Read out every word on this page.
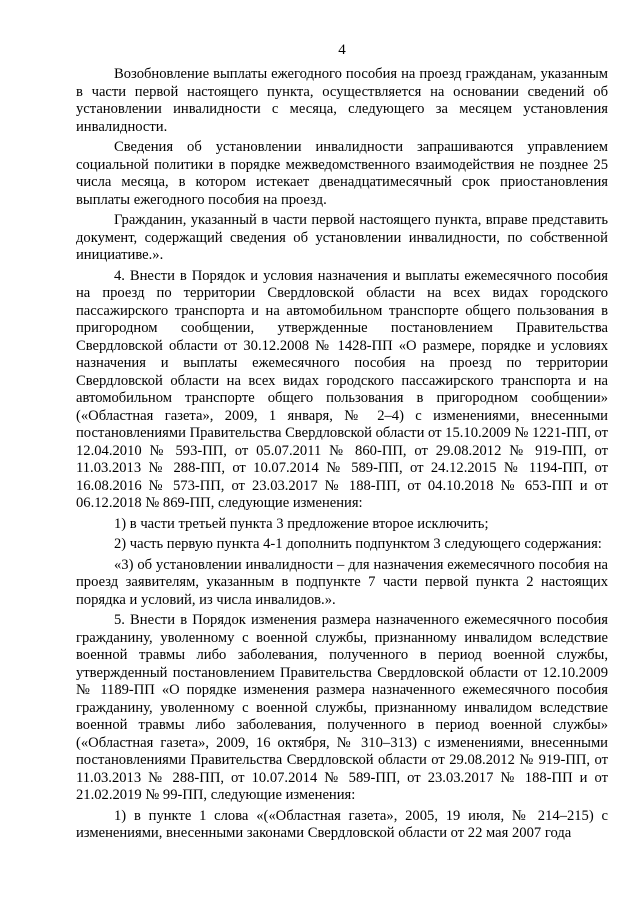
4

Возобновление выплаты ежегодного пособия на проезд гражданам, указанным в части первой настоящего пункта, осуществляется на основании сведений об установлении инвалидности с месяца, следующего за месяцем установления инвалидности.

Сведения об установлении инвалидности запрашиваются управлением социальной политики в порядке межведомственного взаимодействия не позднее 25 числа месяца, в котором истекает двенадцатимесячный срок приостановления выплаты ежегодного пособия на проезд.

Гражданин, указанный в части первой настоящего пункта, вправе представить документ, содержащий сведения об установлении инвалидности, по собственной инициативе.».

4. Внести в Порядок и условия назначения и выплаты ежемесячного пособия на проезд по территории Свердловской области на всех видах городского пассажирского транспорта и на автомобильном транспорте общего пользования в пригородном сообщении, утвержденные постановлением Правительства Свердловской области от 30.12.2008 № 1428-ПП «О размере, порядке и условиях назначения и выплаты ежемесячного пособия на проезд по территории Свердловской области на всех видах городского пассажирского транспорта и на автомобильном транспорте общего пользования в пригородном сообщении» («Областная газета», 2009, 1 января, № 2–4) с изменениями, внесенными постановлениями Правительства Свердловской области от 15.10.2009 № 1221-ПП, от 12.04.2010 № 593-ПП, от 05.07.2011 № 860-ПП, от 29.08.2012 № 919-ПП, от 11.03.2013 № 288-ПП, от 10.07.2014 № 589-ПП, от 24.12.2015 № 1194-ПП, от 16.08.2016 № 573-ПП, от 23.03.2017 № 188-ПП, от 04.10.2018 № 653-ПП и от 06.12.2018 № 869-ПП, следующие изменения:

1) в части третьей пункта 3 предложение второе исключить;

2) часть первую пункта 4-1 дополнить подпунктом 3 следующего содержания:

«3) об установлении инвалидности – для назначения ежемесячного пособия на проезд заявителям, указанным в подпункте 7 части первой пункта 2 настоящих порядка и условий, из числа инвалидов.».

5. Внести в Порядок изменения размера назначенного ежемесячного пособия гражданину, уволенному с военной службы, признанному инвалидом вследствие военной травмы либо заболевания, полученного в период военной службы, утвержденный постановлением Правительства Свердловской области от 12.10.2009 № 1189-ПП «О порядке изменения размера назначенного ежемесячного пособия гражданину, уволенному с военной службы, признанному инвалидом вследствие военной травмы либо заболевания, полученного в период военной службы» («Областная газета», 2009, 16 октября, № 310–313) с изменениями, внесенными постановлениями Правительства Свердловской области от 29.08.2012 № 919-ПП, от 11.03.2013 № 288-ПП, от 10.07.2014 № 589-ПП, от 23.03.2017 № 188-ПП и от 21.02.2019 № 99-ПП, следующие изменения:

1) в пункте 1 слова «(«Областная газета», 2005, 19 июля, № 214–215) с изменениями, внесенными законами Свердловской области от 22 мая 2007 года
